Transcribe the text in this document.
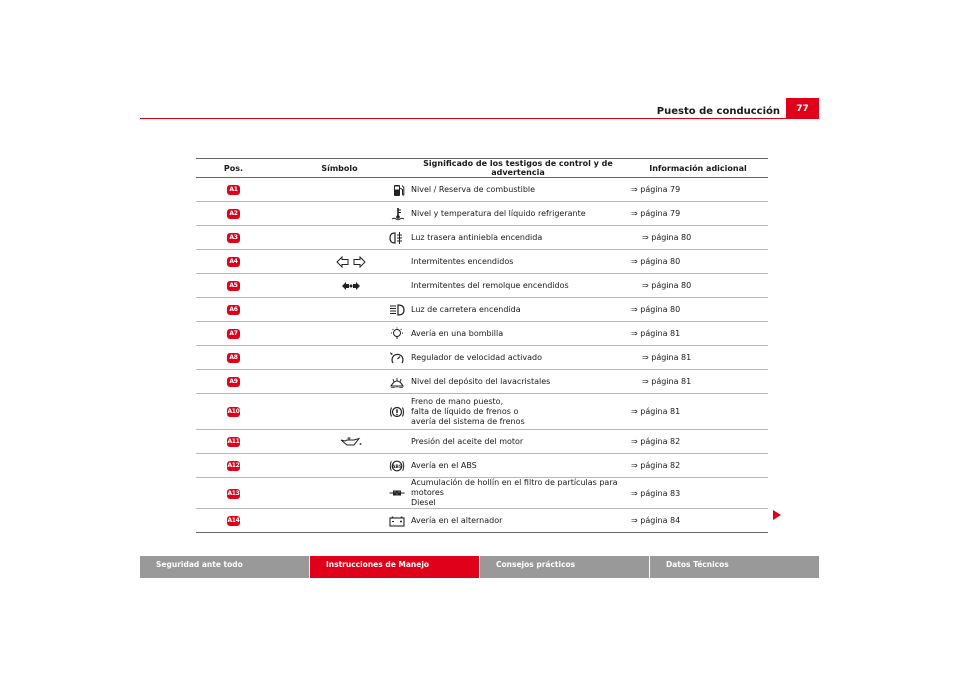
Puesto de conducción	77
Pos.	Símbolo	Significado de los testigos de control y de advertencia	Información adicional
A1		Nivel / Reserva de combustible	⇒ página 79
A2		Nivel y temperatura del líquido refrigerante	⇒ página 79
A3		Luz trasera antiniebla encendida	⇒ página 80
A4		Intermitentes encendidos	⇒ página 80
A5		Intermitentes del remolque encendidos	⇒ página 80
A6		Luz de carretera encendida	⇒ página 80
A7		Avería en una bombilla	⇒ página 81
A8		Regulador de velocidad activado	⇒ página 81
A9		Nivel del depósito del lavacristales	⇒ página 81
A10		Freno de mano puesto,
falta de líquido de frenos o
avería del sistema de frenos	⇒ página 81
A11		Presión del aceite del motor	⇒ página 82
A12	ABS	Avería en el ABS	⇒ página 82
A13		Acumulación de hollín en el filtro de partículas para motores
Diesel	⇒ página 83
A14		Avería en el alternador	⇒ página 84
Seguridad ante todo	Instrucciones de Manejo	Consejos prácticos	Datos Técnicos
